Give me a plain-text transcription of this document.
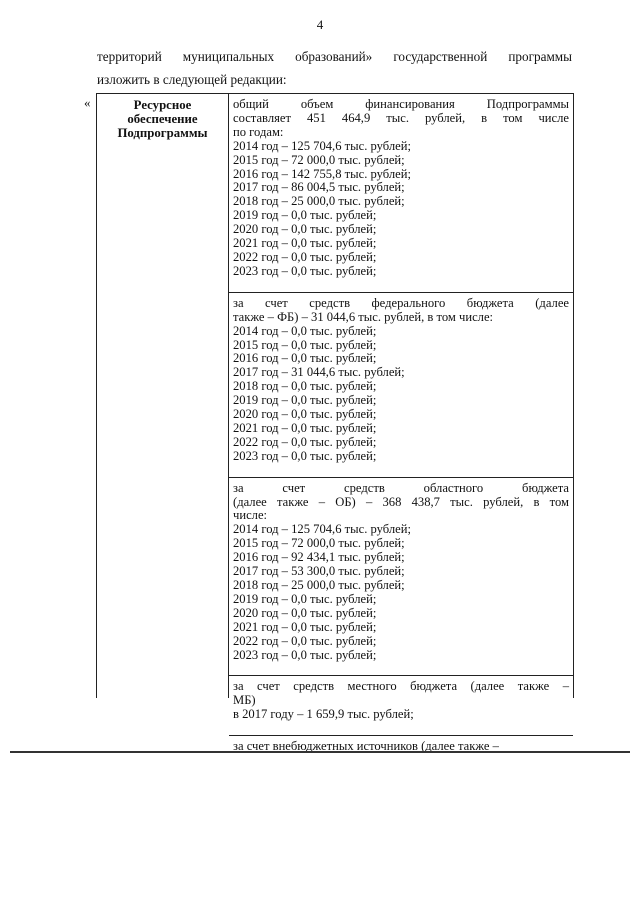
4
территорий муниципальных образований» государственной программы
изложить в следующей редакции:
«	Ресурсное
обеспечение
Подпрограммы
общий объем финансирования Подпрограммы
составляет 451 464,9 тыс. рублей, в том числе
по годам:
2014 год – 125 704,6 тыс. рублей;
2015 год – 72 000,0 тыс. рублей;
2016 год – 142 755,8 тыс. рублей;
2017 год – 86 004,5 тыс. рублей;
2018 год – 25 000,0 тыс. рублей;
2019 год – 0,0 тыс. рублей;
2020 год – 0,0 тыс. рублей;
2021 год – 0,0 тыс. рублей;
2022 год – 0,0 тыс. рублей;
2023 год – 0,0 тыс. рублей;
за счет средств федерального бюджета (далее
также – ФБ) – 31 044,6 тыс. рублей, в том числе:
2014 год – 0,0 тыс. рублей;
2015 год – 0,0 тыс. рублей;
2016 год – 0,0 тыс. рублей;
2017 год – 31 044,6 тыс. рублей;
2018 год – 0,0 тыс. рублей;
2019 год – 0,0 тыс. рублей;
2020 год – 0,0 тыс. рублей;
2021 год – 0,0 тыс. рублей;
2022 год – 0,0 тыс. рублей;
2023 год – 0,0 тыс. рублей;
за счет средств областного бюджета
(далее также – ОБ) – 368 438,7 тыс. рублей, в том
числе:
2014 год – 125 704,6 тыс. рублей;
2015 год – 72 000,0 тыс. рублей;
2016 год – 92 434,1 тыс. рублей;
2017 год – 53 300,0 тыс. рублей;
2018 год – 25 000,0 тыс. рублей;
2019 год – 0,0 тыс. рублей;
2020 год – 0,0 тыс. рублей;
2021 год – 0,0 тыс. рублей;
2022 год – 0,0 тыс. рублей;
2023 год – 0,0 тыс. рублей;
за счет средств местного бюджета (далее также –
МБ)
в 2017 году – 1 659,9 тыс. рублей;
за счет внебюджетных источников (далее также –
